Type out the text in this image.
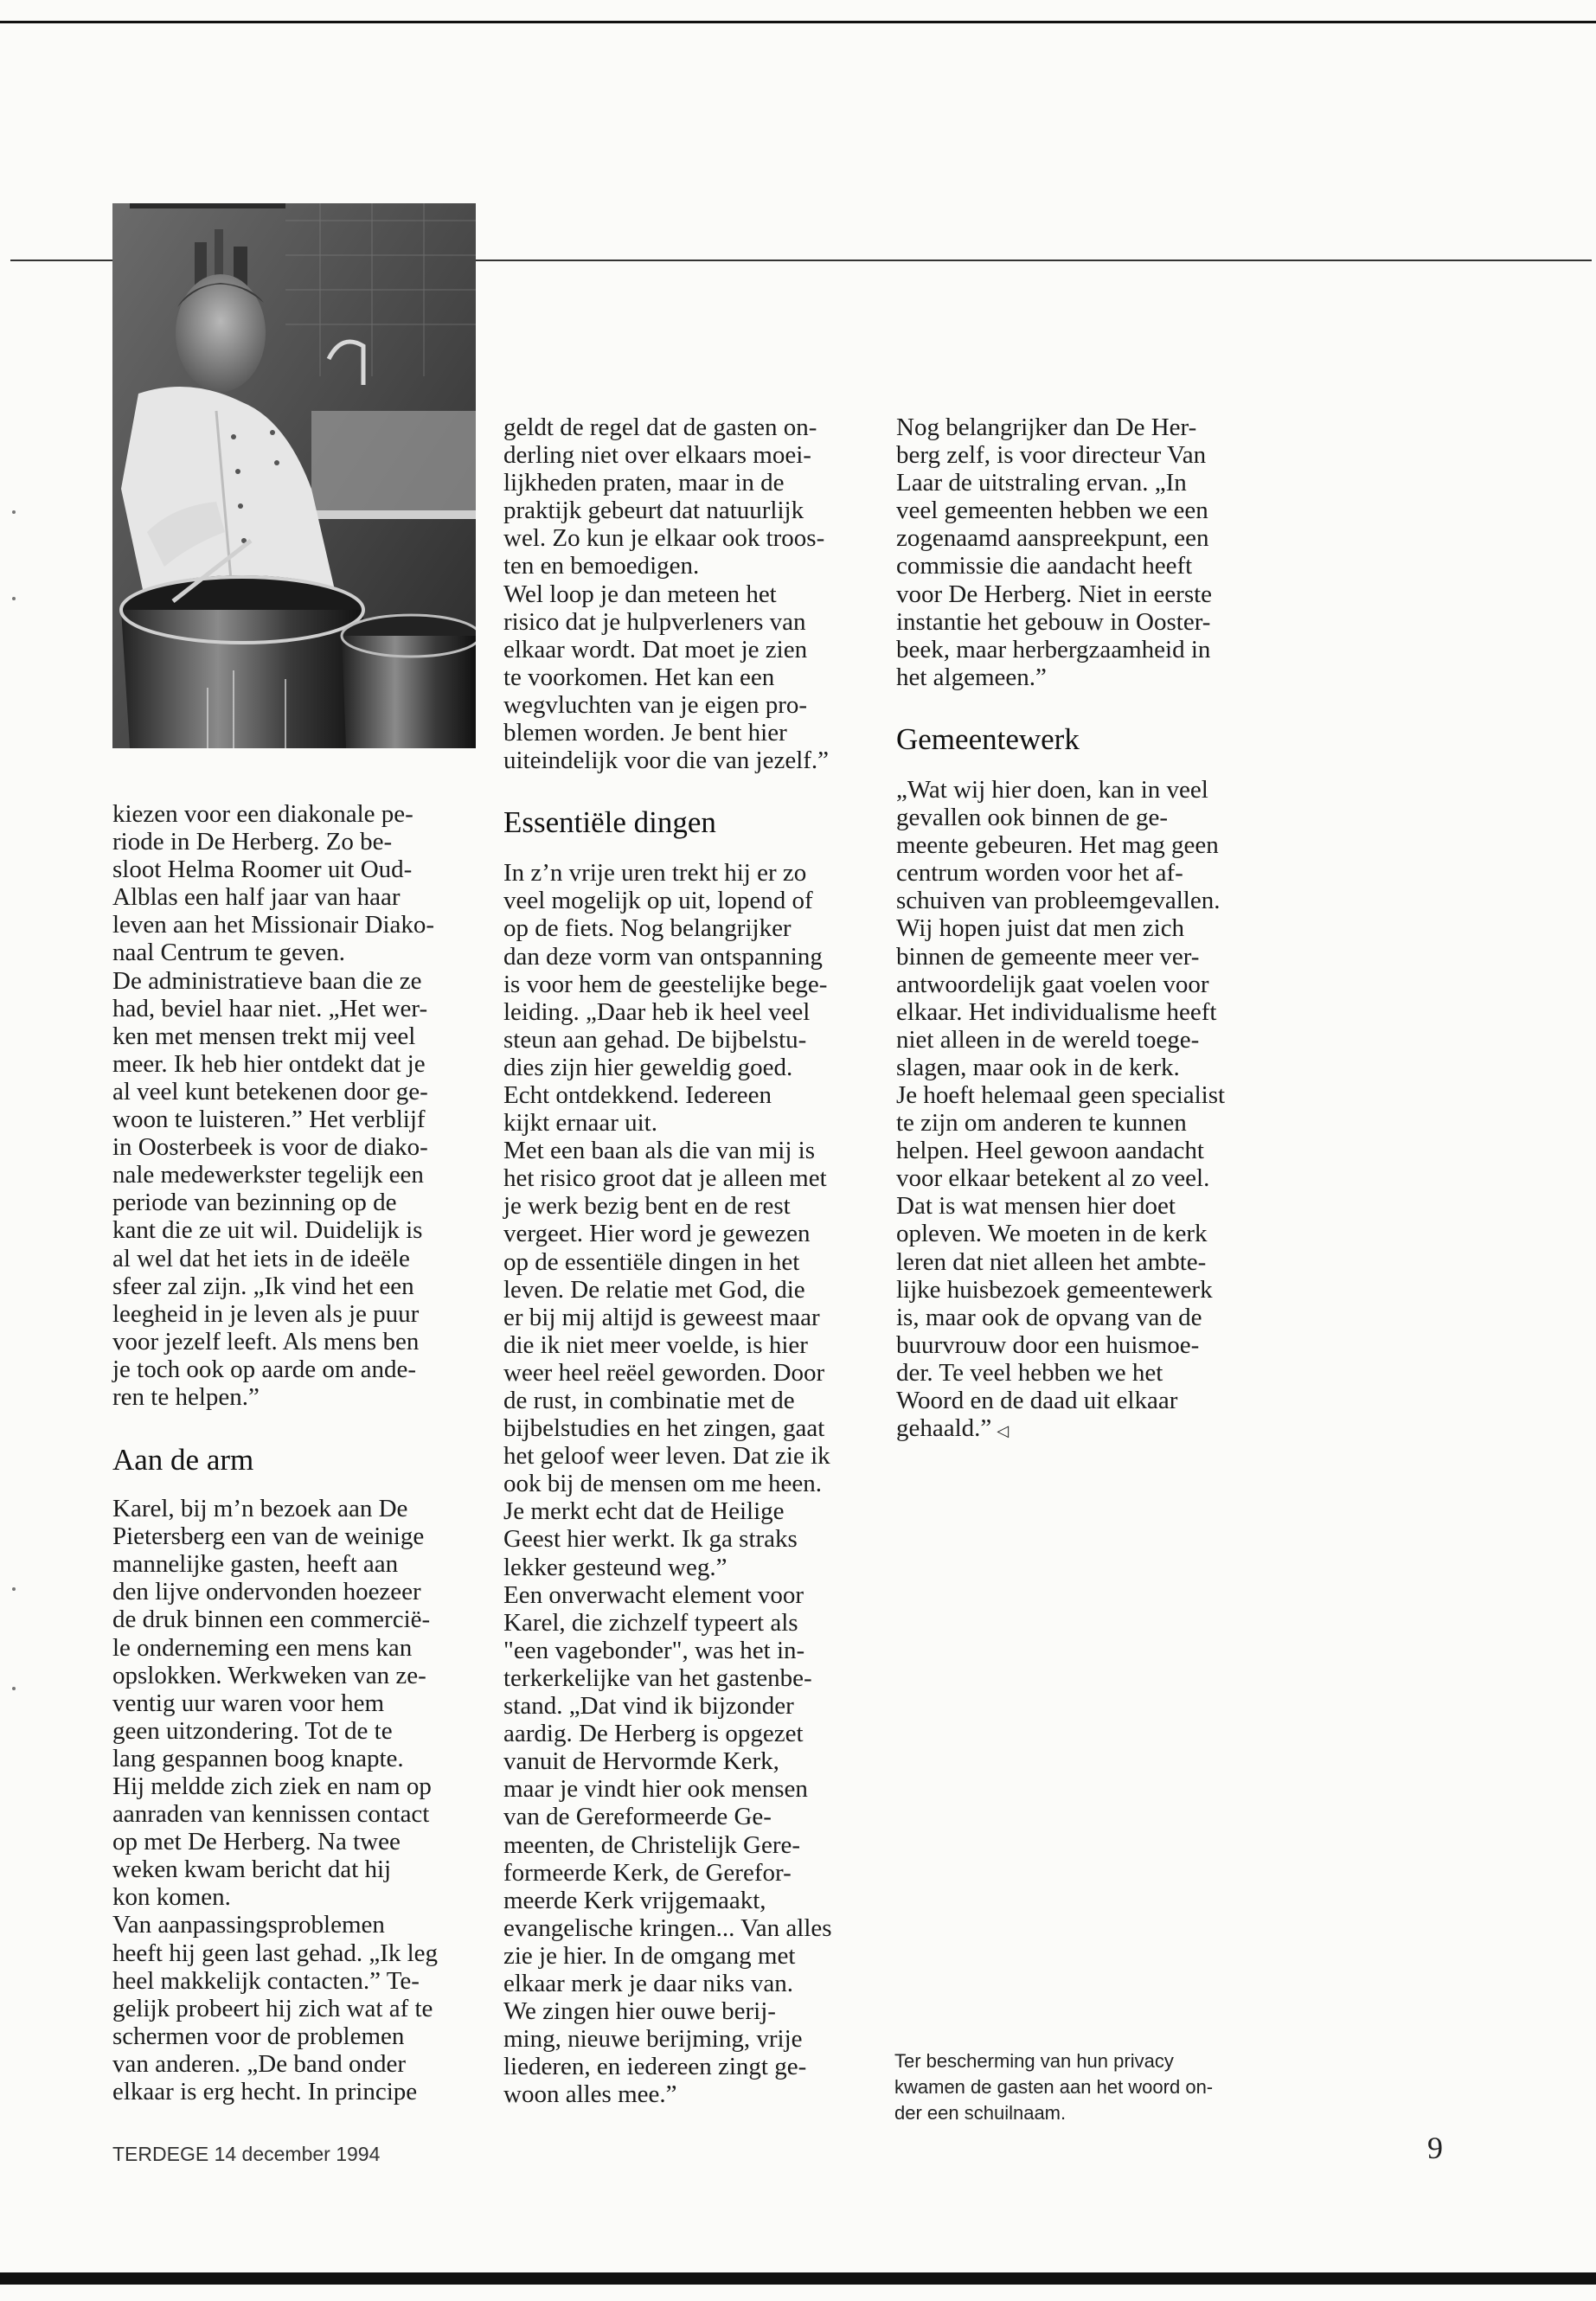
kiezen voor een diakonale pe-
riode in De Herberg. Zo be-
sloot Helma Roomer uit Oud-
Alblas een half jaar van haar
leven aan het Missionair Diako-
naal Centrum te geven.

De administratieve baan die ze
had, beviel haar niet. „Het wer-
ken met mensen trekt mij veel
meer. Ik heb hier ontdekt dat je
al veel kunt betekenen door ge-
woon te luisteren.” Het verblijf
in Oosterbeek is voor de diako-
nale medewerkster tegelijk een
periode van bezinning op de
kant die ze uit wil. Duidelijk is
al wel dat het iets in de ideële
sfeer zal zijn. „Ik vind het een
leegheid in je leven als je puur
voor jezelf leeft. Als mens ben
je toch ook op aarde om ande-
ren te helpen.”

Aan de arm

Karel, bij m’n bezoek aan De
Pietersberg een van de weinige
mannelijke gasten, heeft aan
den lijve ondervonden hoezeer
de druk binnen een commercië-
le onderneming een mens kan
opslokken. Werkweken van ze-
ventig uur waren voor hem
geen uitzondering. Tot de te
lang gespannen boog knapte.
Hij meldde zich ziek en nam op
aanraden van kennissen contact
op met De Herberg. Na twee
weken kwam bericht dat hij
kon komen.

Van aanpassingsproblemen
heeft hij geen last gehad. „Ik leg
heel makkelijk contacten.” Te-
gelijk probeert hij zich wat af te
schermen voor de problemen
van anderen. „De band onder
elkaar is erg hecht. In principe

geldt de regel dat de gasten on-
derling niet over elkaars moei-
lijkheden praten, maar in de
praktijk gebeurt dat natuurlijk
wel. Zo kun je elkaar ook troos-
ten en bemoedigen.

Wel loop je dan meteen het
risico dat je hulpverleners van
elkaar wordt. Dat moet je zien
te voorkomen. Het kan een
wegvluchten van je eigen pro-
blemen worden. Je bent hier
uiteindelijk voor die van jezelf.”

Essentiële dingen

In z’n vrije uren trekt hij er zo
veel mogelijk op uit, lopend of
op de fiets. Nog belangrijker
dan deze vorm van ontspanning
is voor hem de geestelijke bege-
leiding. „Daar heb ik heel veel
steun aan gehad. De bijbelstu-
dies zijn hier geweldig goed.
Echt ontdekkend. Iedereen
kijkt ernaar uit.

Met een baan als die van mij is
het risico groot dat je alleen met
je werk bezig bent en de rest
vergeet. Hier word je gewezen
op de essentiële dingen in het
leven. De relatie met God, die
er bij mij altijd is geweest maar
die ik niet meer voelde, is hier
weer heel reëel geworden. Door
de rust, in combinatie met de
bijbelstudies en het zingen, gaat
het geloof weer leven. Dat zie ik
ook bij de mensen om me heen.
Je merkt echt dat de Heilige
Geest hier werkt. Ik ga straks
lekker gesteund weg.”

Een onverwacht element voor
Karel, die zichzelf typeert als
"een vagebonder", was het in-
terkerkelijke van het gastenbe-
stand. „Dat vind ik bijzonder
aardig. De Herberg is opgezet
vanuit de Hervormde Kerk,
maar je vindt hier ook mensen
van de Gereformeerde Ge-
meenten, de Christelijk Gere-
formeerde Kerk, de Gerefor-
meerde Kerk vrijgemaakt,
evangelische kringen... Van alles
zie je hier. In de omgang met
elkaar merk je daar niks van.
We zingen hier ouwe berij-
ming, nieuwe berijming, vrije
liederen, en iedereen zingt ge-
woon alles mee.”

Nog belangrijker dan De Her-
berg zelf, is voor directeur Van
Laar de uitstraling ervan. „In
veel gemeenten hebben we een
zogenaamd aanspreekpunt, een
commissie die aandacht heeft
voor De Herberg. Niet in eerste
instantie het gebouw in Ooster-
beek, maar herbergzaamheid in
het algemeen.”

Gemeentewerk

„Wat wij hier doen, kan in veel
gevallen ook binnen de ge-
meente gebeuren. Het mag geen
centrum worden voor het af-
schuiven van probleemgevallen.
Wij hopen juist dat men zich
binnen de gemeente meer ver-
antwoordelijk gaat voelen voor
elkaar. Het individualisme heeft
niet alleen in de wereld toege-
slagen, maar ook in de kerk.

Je hoeft helemaal geen specialist
te zijn om anderen te kunnen
helpen. Heel gewoon aandacht
voor elkaar betekent al zo veel.
Dat is wat mensen hier doet
opleven. We moeten in de kerk
leren dat niet alleen het ambte-
lijke huisbezoek gemeentewerk
is, maar ook de opvang van de
buurvrouw door een huismoe-
der. Te veel hebben we het
Woord en de daad uit elkaar
gehaald.” ◁

Ter bescherming van hun privacy
kwamen de gasten aan het woord on-
der een schuilnaam.
TERDEGE 14 december 1994	9
